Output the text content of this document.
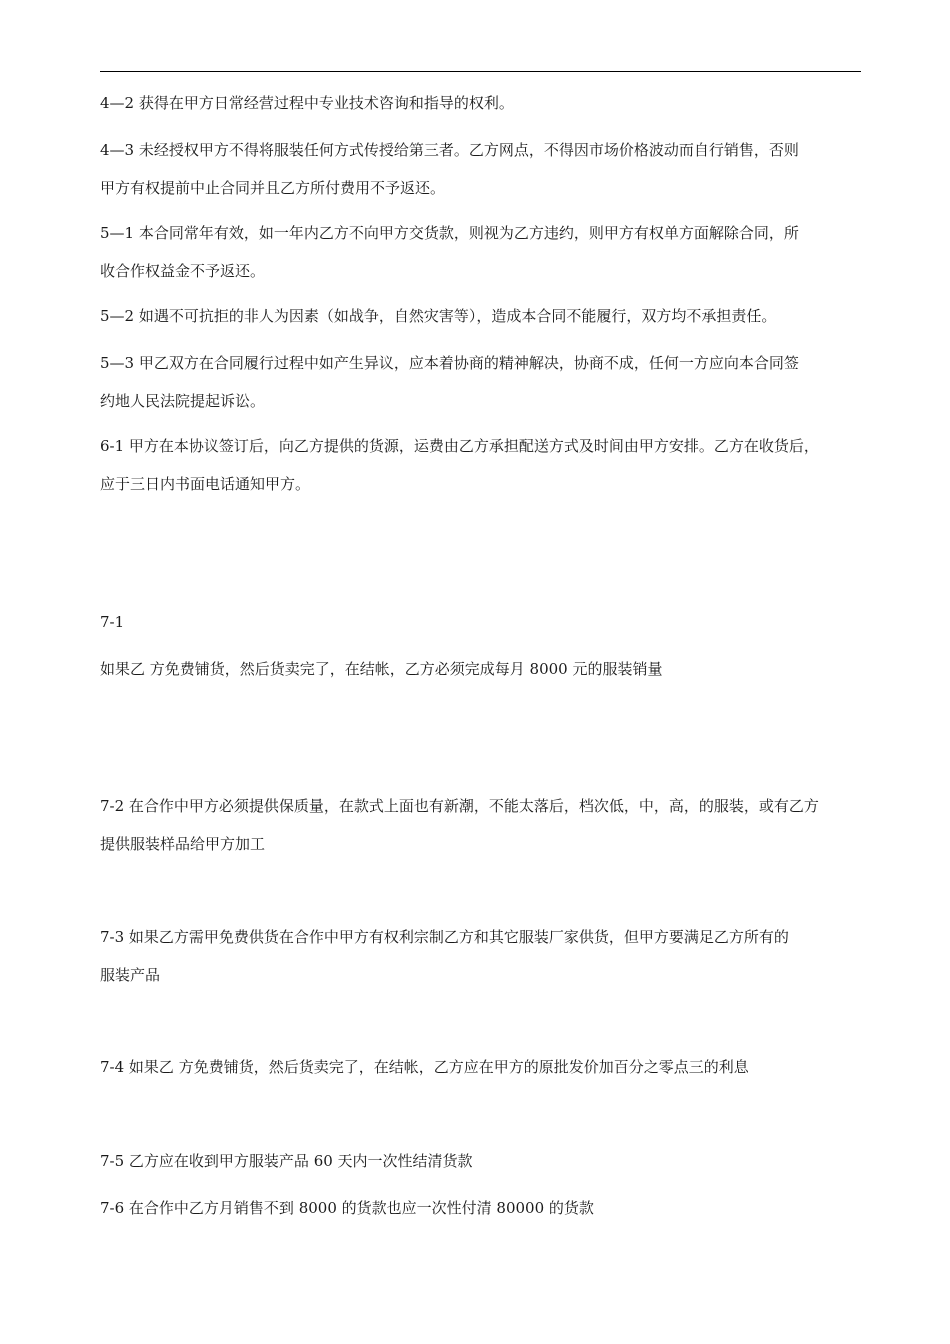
4—2 获得在甲方日常经营过程中专业技术咨询和指导的权利。
4—3 未经授权甲方不得将服装任何方式传授给第三者。乙方网点，不得因市场价格波动而自行销售，否则
甲方有权提前中止合同并且乙方所付费用不予返还。
5—1 本合同常年有效，如一年内乙方不向甲方交货款，则视为乙方违约，则甲方有权单方面解除合同，所
收合作权益金不予返还。
5—2 如遇不可抗拒的非人为因素（如战争，自然灾害等），造成本合同不能履行，双方均不承担责任。
5—3 甲乙双方在合同履行过程中如产生异议，应本着协商的精神解决，协商不成，任何一方应向本合同签
约地人民法院提起诉讼。
6-1 甲方在本协议签订后，向乙方提供的货源，运费由乙方承担配送方式及时间由甲方安排。乙方在收货后，
应于三日内书面电话通知甲方。
7-1
如果乙 方免费铺货，然后货卖完了，在结帐，乙方必须完成每月 8000 元的服装销量
7-2 在合作中甲方必须提供保质量，在款式上面也有新潮，不能太落后，档次低，中，高，的服装，或有乙方
提供服装样品给甲方加工
7-3 如果乙方需甲免费供货在合作中甲方有权利宗制乙方和其它服装厂家供货，但甲方要满足乙方所有的
服装产品
7-4 如果乙 方免费铺货，然后货卖完了，在结帐，乙方应在甲方的原批发价加百分之零点三的利息
7-5 乙方应在收到甲方服装产品 60 天内一次性结清货款
7-6 在合作中乙方月销售不到 8000 的货款也应一次性付清 80000 的货款
